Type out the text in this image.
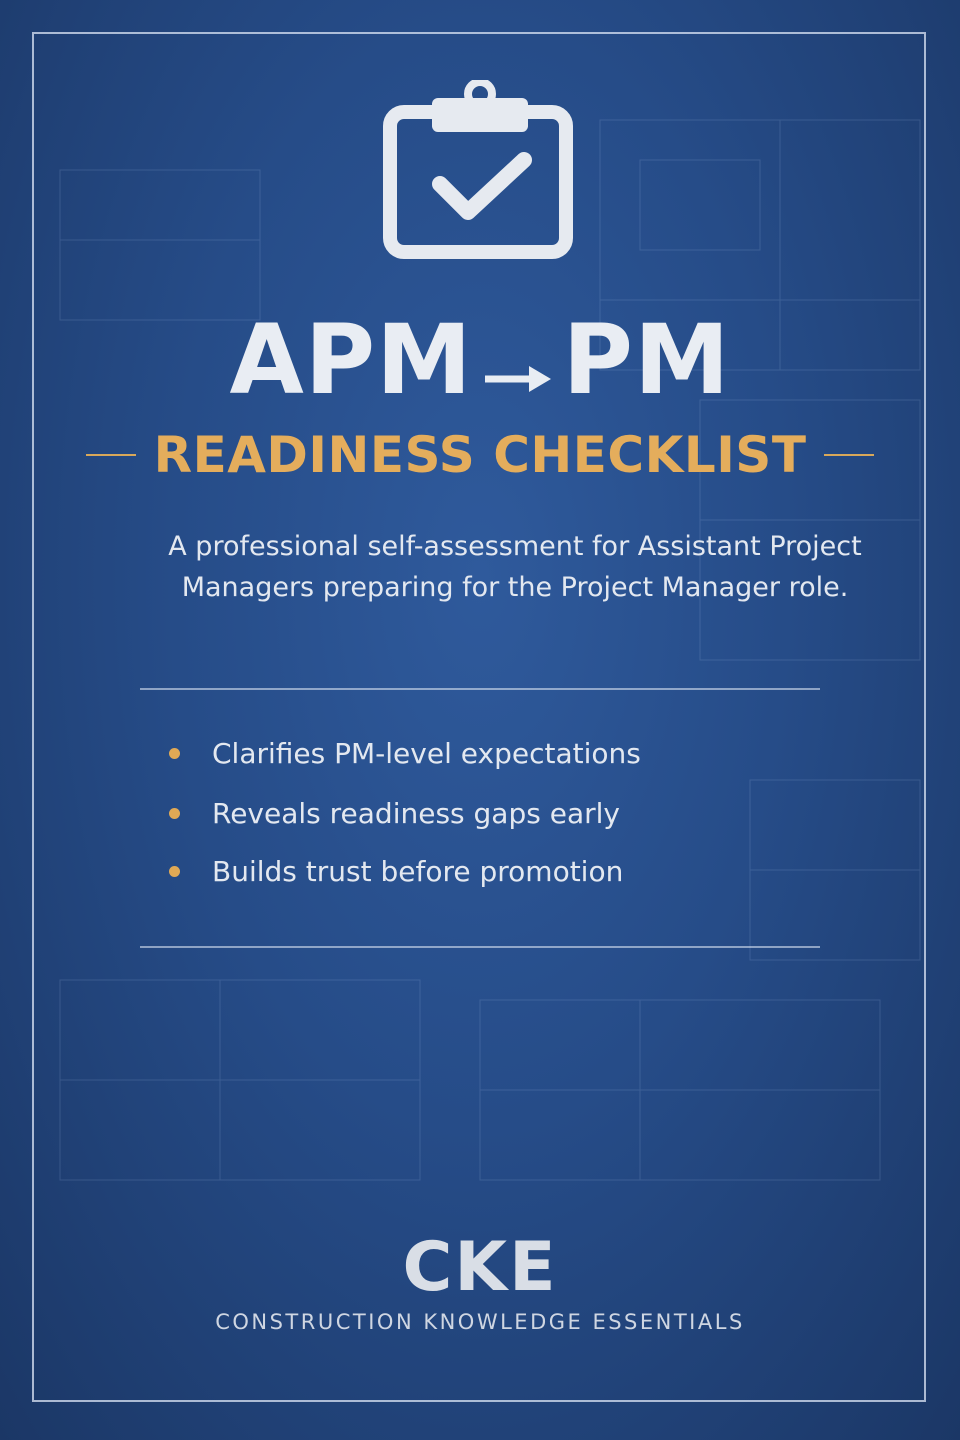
APM PM
READINESS CHECKLIST
A professional self-assessment for Assistant Project Managers preparing for the Project Manager role.
Clarifies PM-level expectations
Reveals readiness gaps early
Builds trust before promotion
CKE
CONSTRUCTION KNOWLEDGE ESSENTIALS
